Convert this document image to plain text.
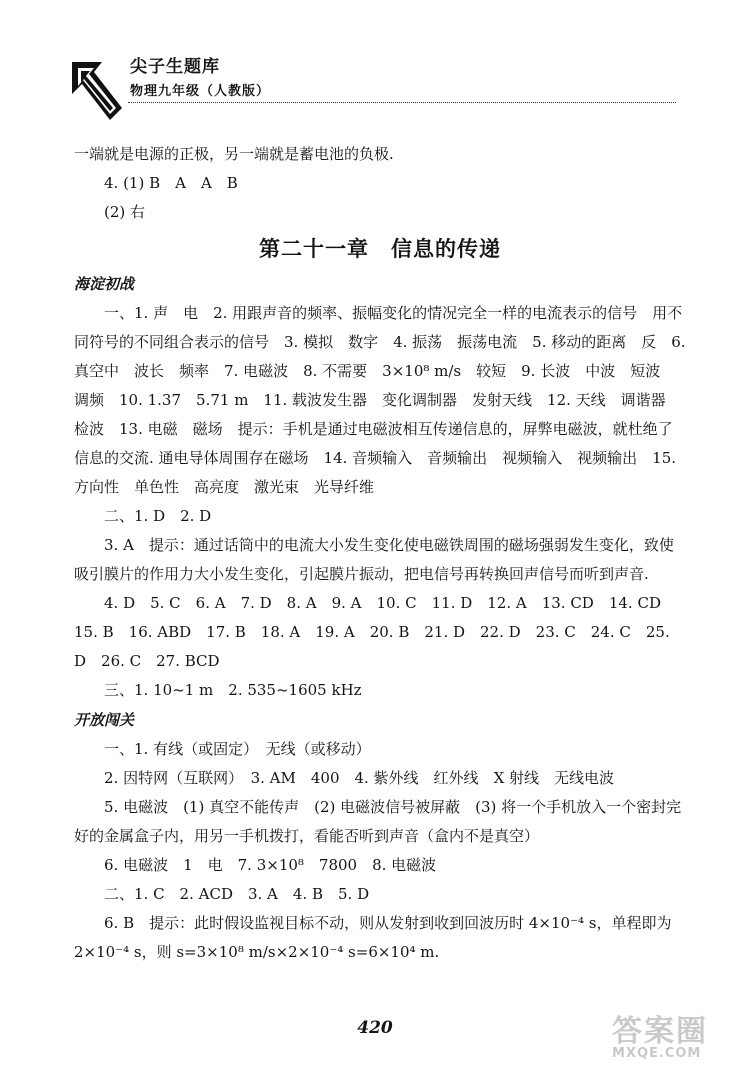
尖子生题库
物理九年级（人教版）

一端就是电源的正极，另一端就是蓄电池的负极.

4. (1) B　A　A　B

(2) 右

第二十一章　信息的传递
海淀初战

一、1. 声　电　2. 用跟声音的频率、振幅变化的情况完全一样的电流表示的信号　用不同符号的不同组合表示的信号　3. 模拟　数字　4. 振荡　振荡电流　5. 移动的距离　反　6. 真空中　波长　频率　7. 电磁波　8. 不需要　3×10⁸ m/s　较短　9. 长波　中波　短波　调频　10. 1.37　5.71 m　11. 载波发生器　变化调制器　发射天线　12. 天线　调谐器　检波　13. 电磁　磁场　提示：手机是通过电磁波相互传递信息的，屏弊电磁波，就杜绝了信息的交流. 通电导体周围存在磁场　14. 音频输入　音频输出　视频输入　视频输出　15. 方向性　单色性　高亮度　激光束　光导纤维

二、1. D　2. D

3. A　提示：通过话筒中的电流大小发生变化使电磁铁周围的磁场强弱发生变化，致使吸引膜片的作用力大小发生变化，引起膜片振动，把电信号再转换回声信号而听到声音.

4. D　5. C　6. A　7. D　8. A　9. A　10. C　11. D　12. A　13. CD　14. CD　15. B　16. ABD　17. B　18. A　19. A　20. B　21. D　22. D　23. C　24. C　25. D　26. C　27. BCD

三、1. 10~1 m　2. 535~1605 kHz

开放闯关

一、1. 有线（或固定）　无线（或移动）

2. 因特网（互联网）　3. AM　400　4. 紫外线　红外线　X 射线　无线电波

5. 电磁波　(1) 真空不能传声　(2) 电磁波信号被屏蔽　(3) 将一个手机放入一个密封完好的金属盒子内，用另一手机拨打，看能否听到声音（盒内不是真空）

6. 电磁波　1　电　7. 3×10⁸　7800　8. 电磁波

二、1. C　2. ACD　3. A　4. B　5. D

6. B　提示：此时假设监视目标不动，则从发射到收到回波历时 4×10⁻⁴ s，单程即为 2×10⁻⁴ s，则 s=3×10⁸ m/s×2×10⁻⁴ s=6×10⁴ m.

420	答案圈
MXQE.COM
